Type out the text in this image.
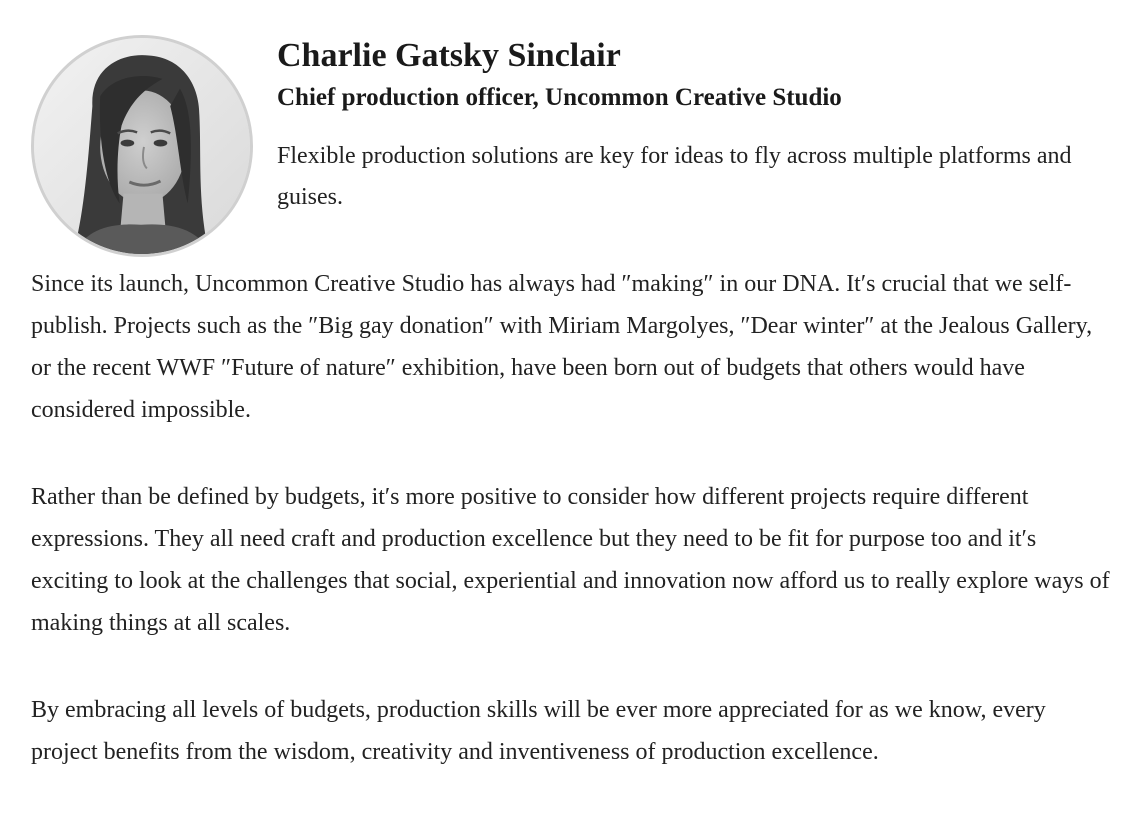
Charlie Gatsky Sinclair
Chief production officer, Uncommon Creative Studio

Flexible production solutions are key for ideas to fly across multiple platforms and guises.

Since its launch, Uncommon Creative Studio has always had ″making″ in our DNA. It′s crucial that we self-publish. Projects such as the ″Big gay donation″ with Miriam Margolyes, ″Dear winter″ at the Jealous Gallery, or the recent WWF ″Future of nature″ exhibition, have been born out of budgets that others would have considered impossible.

Rather than be defined by budgets, it′s more positive to consider how different projects require different expressions. They all need craft and production excellence but they need to be fit for purpose too and it′s exciting to look at the challenges that social, experiential and innovation now afford us to really explore ways of making things at all scales.

By embracing all levels of budgets, production skills will be ever more appreciated for as we know, every project benefits from the wisdom, creativity and inventiveness of production excellence.
